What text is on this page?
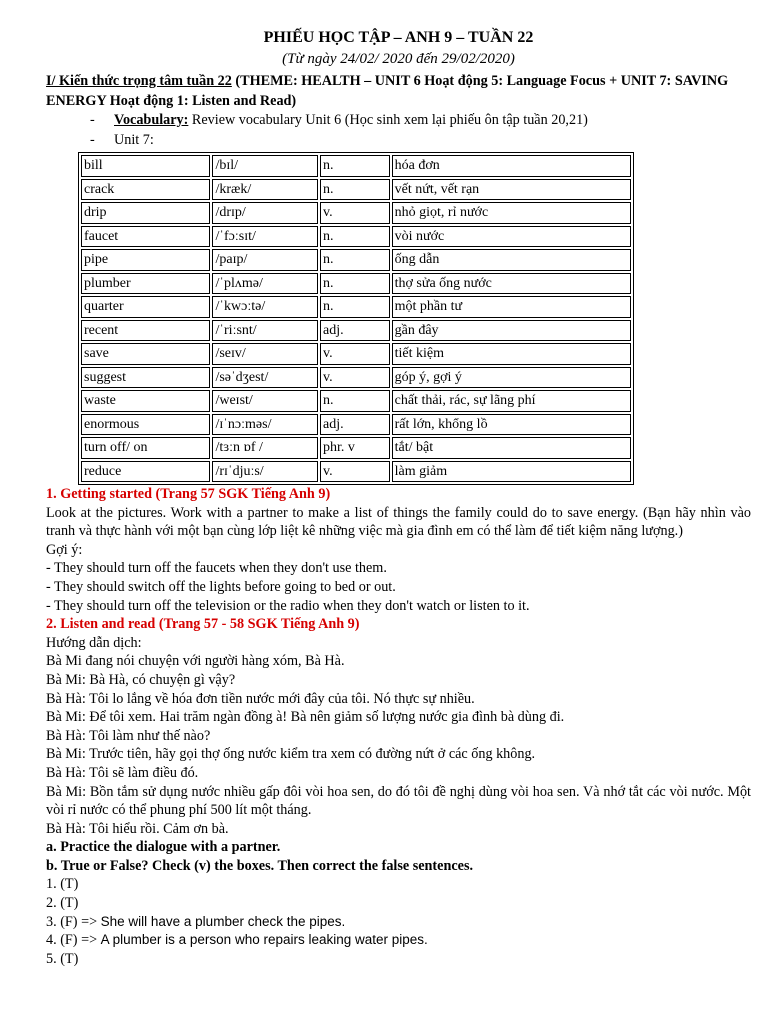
PHIẾU HỌC TẬP – ANH 9 – TUẦN 22
(Từ ngày 24/02/ 2020 đến 29/02/2020)
I/ Kiến thức trọng tâm tuần 22 (THEME: HEALTH – UNIT 6 Hoạt động 5: Language Focus + UNIT 7: SAVING ENERGY Hoạt động 1: Listen and Read)
- Vocabulary: Review vocabulary Unit 6 (Học sinh xem lại phiếu ôn tập tuần 20,21)
- Unit 7:
bill	/bɪl/	n.	hóa đơn
crack	/kræk/	n.	vết nứt, vết rạn
drip	/drɪp/	v.	nhỏ giọt, rỉ nước
faucet	/ˈfɔːsɪt/	n.	vòi nước
pipe	/paɪp/	n.	ống dẫn
plumber	/ˈplʌmə/	n.	thợ sửa ống nước
quarter	/ˈkwɔːtə/	n.	một phần tư
recent	/ˈriːsnt/	adj.	gần đây
save	/seɪv/	v.	tiết kiệm
suggest	/səˈdʒest/	v.	góp ý, gợi ý
waste	/weɪst/	n.	chất thải, rác, sự lãng phí
enormous	/ɪˈnɔːməs/	adj.	rất lớn, khổng lồ
turn off/ on	/tɜːn ɒf /	phr. v	tắt/ bật
reduce	/rɪˈdjuːs/	v.	làm giảm
1. Getting started (Trang 57 SGK Tiếng Anh 9)
Look at the pictures. Work with a partner to make a list of things the family could do to save energy. (Bạn hãy nhìn vào tranh và thực hành với một bạn cùng lớp liệt kê những việc mà gia đình em có thể làm để tiết kiệm năng lượng.)
Gợi ý:
- They should turn off the faucets when they don't use them.
- They should switch off the lights before going to bed or out.
- They should turn off the television or the radio when they don't watch or listen to it.
2. Listen and read (Trang 57 - 58 SGK Tiếng Anh 9)
Hướng dẫn dịch:
Bà Mi đang nói chuyện với người hàng xóm, Bà Hà.
Bà Mi: Bà Hà, có chuyện gì vậy?
Bà Hà: Tôi lo lắng về hóa đơn tiền nước mới đây của tôi. Nó thực sự nhiều.
Bà Mi: Để tôi xem. Hai trăm ngàn đồng à! Bà nên giảm số lượng nước gia đình bà dùng đi.
Bà Hà: Tôi làm như thế nào?
Bà Mi: Trước tiên, hãy gọi thợ ống nước kiểm tra xem có đường nứt ở các ống không.
Bà Hà: Tôi sẽ làm điều đó.
Bà Mi: Bồn tắm sử dụng nước nhiều gấp đôi vòi hoa sen, do đó tôi đề nghị dùng vòi hoa sen. Và nhớ tắt các vòi nước. Một vòi rỉ nước có thể phung phí 500 lít một tháng.
Bà Hà: Tôi hiểu rồi. Cảm ơn bà.
a. Practice the dialogue with a partner.
b. True or False? Check (v) the boxes. Then correct the false sentences.
1. (T)
2. (T)
3. (F) => She will have a plumber check the pipes.
4. (F) => A plumber is a person who repairs leaking water pipes.
5. (T)
